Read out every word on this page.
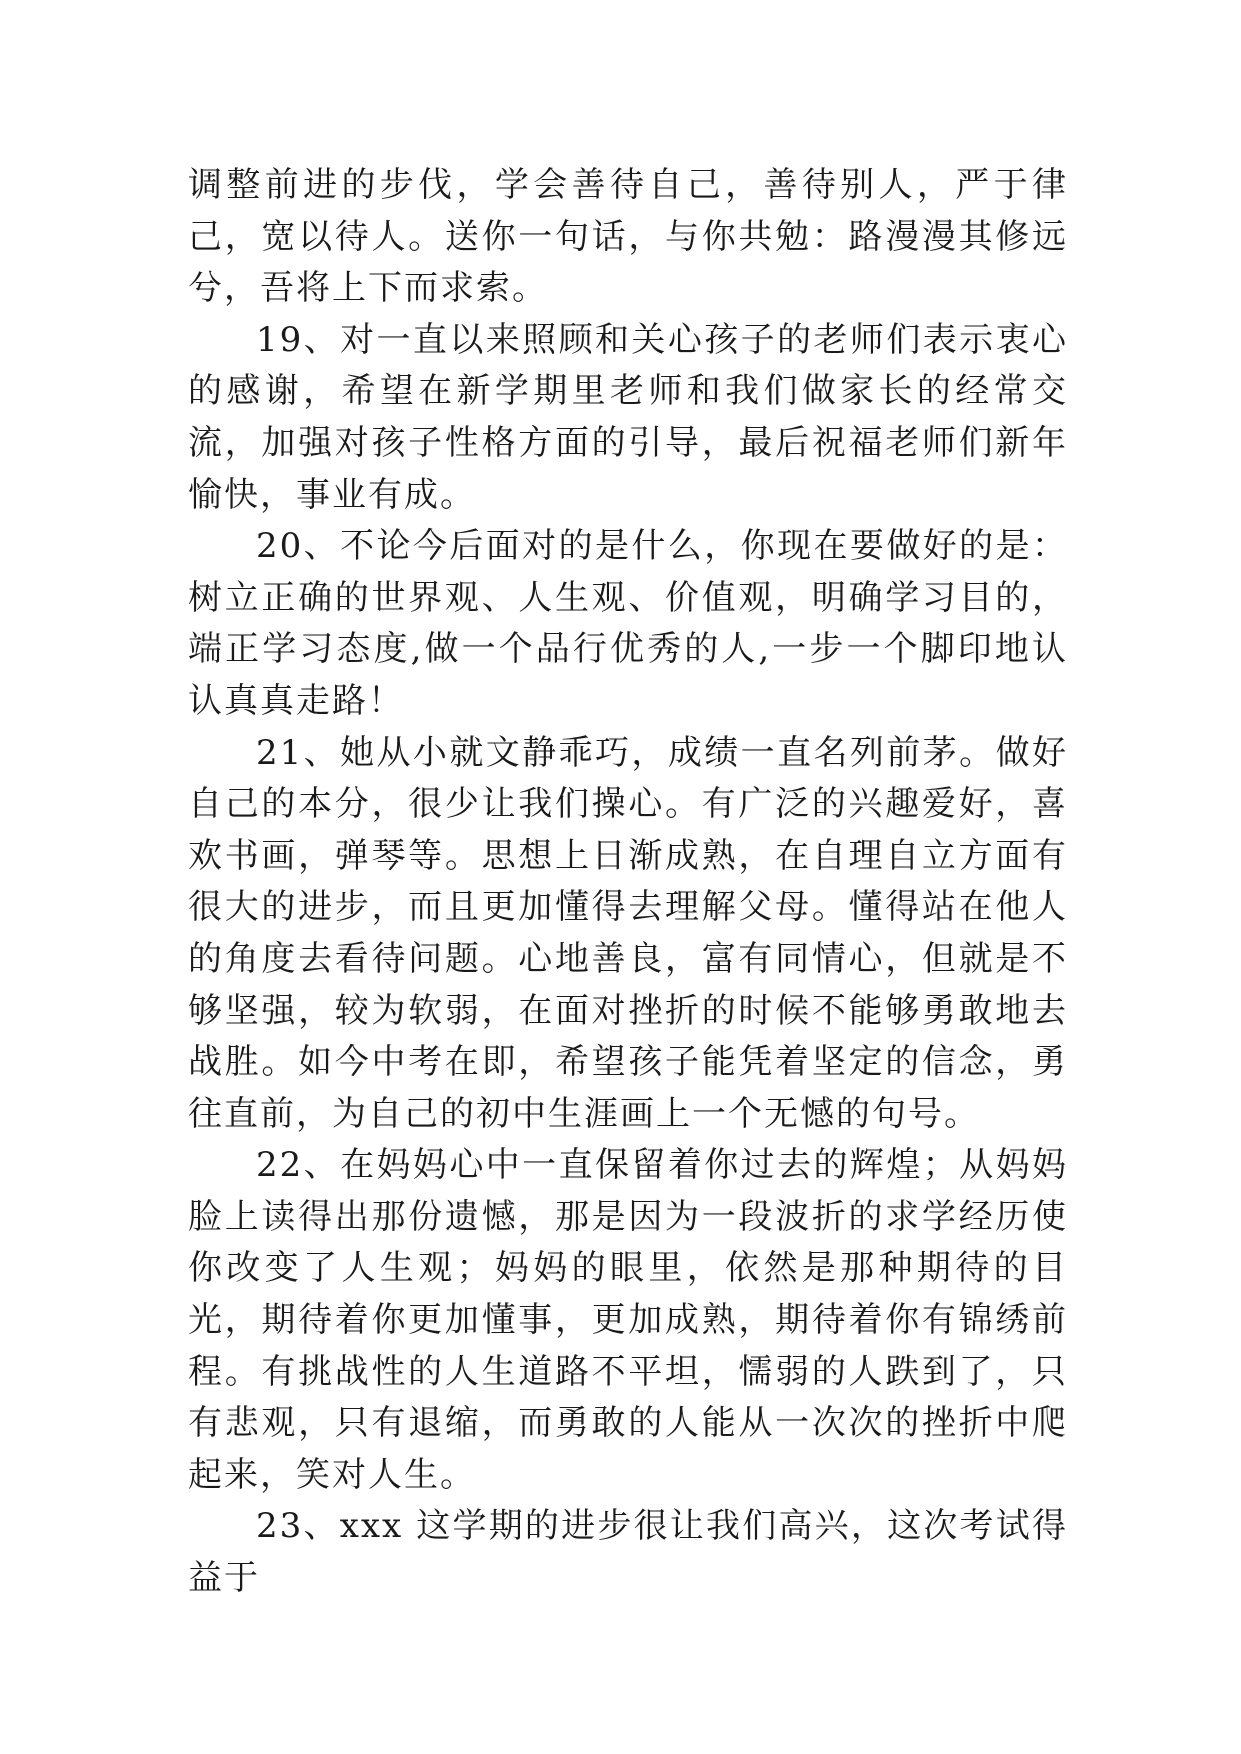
调整前进的步伐，学会善待自己，善待别人，严于律己，宽以待人。送你一句话，与你共勉：路漫漫其修远兮，吾将上下而求索。

19、对一直以来照顾和关心孩子的老师们表示衷心的感谢，希望在新学期里老师和我们做家长的经常交流，加强对孩子性格方面的引导，最后祝福老师们新年愉快，事业有成。

20、不论今后面对的是什么，你现在要做好的是：树立正确的世界观、人生观、价值观，明确学习目的，端正学习态度,做一个品行优秀的人,一步一个脚印地认认真真走路！

21、她从小就文静乖巧，成绩一直名列前茅。做好自己的本分，很少让我们操心。有广泛的兴趣爱好，喜欢书画，弹琴等。思想上日渐成熟，在自理自立方面有很大的进步，而且更加懂得去理解父母。懂得站在他人的角度去看待问题。心地善良，富有同情心，但就是不够坚强，较为软弱，在面对挫折的时候不能够勇敢地去战胜。如今中考在即，希望孩子能凭着坚定的信念，勇往直前，为自己的初中生涯画上一个无憾的句号。

22、在妈妈心中一直保留着你过去的辉煌；从妈妈脸上读得出那份遗憾，那是因为一段波折的求学经历使你改变了人生观；妈妈的眼里，依然是那种期待的目光，期待着你更加懂事，更加成熟，期待着你有锦绣前程。有挑战性的人生道路不平坦，懦弱的人跌到了，只有悲观，只有退缩，而勇敢的人能从一次次的挫折中爬起来，笑对人生。

23、xxx 这学期的进步很让我们高兴，这次考试得益于
